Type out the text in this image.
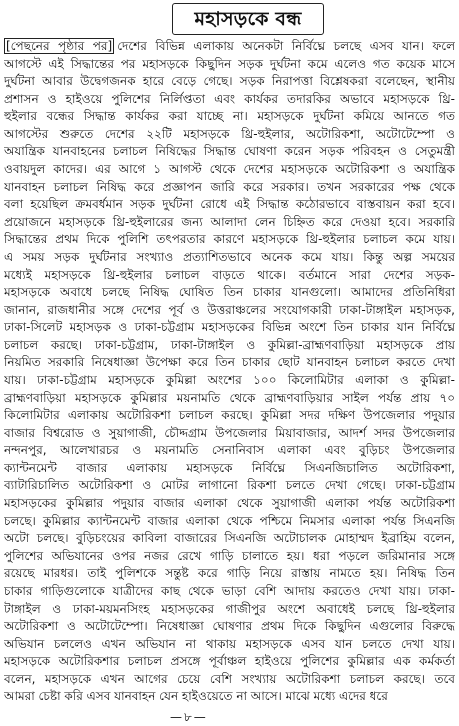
মহাসড়কে বন্ধ
[পেছনের পৃষ্ঠার পর] দেশের বিভিন্ন এলাকায় অনেকটা নির্বিঘ্নে চলছে এসব যান। ফলে
আগস্টে এই সিদ্ধান্তের পর মহাসড়কে কিছুদিন সড়ক দুর্ঘটনা কমে এলেও গত কয়েক মাসে
দুর্ঘটনা আবার উদ্বেগজনক হারে বেড়ে গেছে। সড়ক নিরাপত্তা বিশ্লেষকরা বলেছেন, স্থানীয়
প্রশাসন ও হাইওয়ে পুলিশের নির্লিপ্ততা এবং কার্যকর তদারকির অভাবে মহাসড়কে থ্রি-
হুইলার বন্ধের সিদ্ধান্ত কার্যকর করা যাচ্ছে না। মহাসড়কে দুর্ঘটনা কমিয়ে আনতে গত
আগস্টের শুরুতে দেশের ২২টি মহাসড়কে থ্রি-হুইলার, অটোরিকশা, অটোটেম্পো ও
অযান্ত্রিক যানবাহনের চলাচল নিষিদ্ধের সিদ্ধান্ত ঘোষণা করেন সড়ক পরিবহন ও সেতুমন্ত্রী
ওবায়দুল কাদের। এর আগে ১ আগস্ট থেকে দেশের মহাসড়কে অটোরিকশা ও অযান্ত্রিক
যানবাহন চলাচল নিষিদ্ধ করে প্রজ্ঞাপন জারি করে সরকার। তখন সরকারের পক্ষ থেকে
বলা হয়েছিল ক্রমবর্ধমান সড়ক দুর্ঘটনা রোধে এই সিদ্ধান্ত কঠোরভাবে বাস্তবায়ন করা হবে।
প্রয়োজনে মহাসড়কে থ্রি-হুইলারের জন্য আলাদা লেন চিহ্নিত করে দেওয়া হবে। সরকারি
সিদ্ধান্তের প্রথম দিকে পুলিশি তৎপরতার কারণে মহাসড়কে থ্রি-হুইলার চলাচল কমে যায়।
এ সময় সড়ক দুর্ঘটনার সংখ্যাও প্রত্যাশিতভাবে অনেক কমে যায়। কিন্তু অল্প সময়ের
মধ্যেই মহাসড়কে থ্রি-হুইলার চলাচল বাড়তে থাকে। বর্তমানে সারা দেশের সড়ক-
মহাসড়কে অবাধে চলছে নিষিদ্ধ ঘোষিত তিন চাকার যানগুলো। আমাদের প্রতিনিধিরা
জানান, রাজধানীর সঙ্গে দেশের পূর্ব ও উত্তরাঞ্চলের সংযোগকারী ঢাকা-টাঙ্গাইল মহাসড়ক,
ঢাকা-সিলেট মহাসড়ক ও ঢাকা-চট্টগ্রাম মহাসড়কের বিভিন্ন অংশে তিন চাকার যান নির্বিঘ্নে
চলাচল করছে। ঢাকা-চট্টগ্রাম, ঢাকা-টাঙ্গাইল ও কুমিল্লা-ব্রাহ্মণবাড়িয়া মহাসড়কে প্রায়
নিয়মিত সরকারি নিষেধাজ্ঞা উপেক্ষা করে তিন চাকার ছোট যানবাহন চলাচল করতে দেখা
যায়। ঢাকা-চট্টগ্রাম মহাসড়কে কুমিল্লা অংশের ১০০ কিলোমিটার এলাকা ও কুমিল্লা-
ব্রাহ্মণবাড়িয়া মহাসড়কে কুমিল্লার ময়নামতি থেকে ব্রাহ্মণবাড়িয়ার সাইল পর্যন্ত প্রায় ৭০
কিলোমিটার এলাকায় অটোরিকশা চলাচল করছে। কুমিল্লা সদর দক্ষিণ উপজেলার পদুয়ার
বাজার বিশ্বরোড ও সুয়াগাজী, চৌদ্দগ্রাম উপজেলার মিয়াবাজার, আদর্শ সদর উপজেলার
নন্দনপুর, আলেখারচর ও ময়নামতি সেনানিবাস এলাকা এবং বুড়িচং উপজেলার
ক্যান্টনমেন্ট বাজার এলাকায় মহাসড়কে নির্বিঘ্নে সিএনজিচালিত অটোরিকশা,
ব্যাটারিচালিত অটোরিকশা ও মোটর লাগানো রিকশা চলতে দেখা গেছে। ঢাকা-চট্টগ্রাম
মহাসড়কের কুমিল্লার পদুয়ার বাজার এলাকা থেকে সুয়াগাজী এলাকা পর্যন্ত অটোরিকশা
চলছে। কুমিল্লার ক্যান্টনমেন্ট বাজার এলাকা থেকে পশ্চিমে নিমসার এলাকা পর্যন্ত সিএনজি
অটো চলছে। বুড়িচংয়ের কাবিলা বাজারের সিএনজি অটোচালক মোহাম্মদ ইব্রাহিম বলেন,
পুলিশের অভিযানের ওপর নজর রেখে গাড়ি চালাতে হয়। ধরা পড়লে জরিমানার সঙ্গে
রয়েছে মারধর। তাই পুলিশকে সন্তুষ্ট করে গাড়ি নিয়ে রাস্তায় নামতে হয়। নিষিদ্ধ তিন
চাকার গাড়িগুলোকে যাত্রীদের কাছ থেকে ভাড়া বেশি আদায় করতেও দেখা যায়। ঢাকা-
টাঙ্গাইল ও ঢাকা-ময়মনসিংহ মহাসড়কের গাজীপুর অংশে অবাধেই চলছে থ্রি-হুইলার
অটোরিকশা ও অটোটেম্পো। নিষেধাজ্ঞা ঘোষণার প্রথম দিকে কিছুদিন এগুলোর বিরুদ্ধে
অভিযান চললেও এখন অভিযান না থাকায় মহাসড়কে এসব যান চলতে দেখা যায়।
মহাসড়কে অটোরিকশার চলাচল প্রসঙ্গে পূর্বাঞ্চল হাইওয়ে পুলিশের কুমিল্লার এক কর্মকর্তা
বলেন, মহাসড়কে এখন আগের চেয়ে বেশি সংখ্যায় অটোরিকশা চলাচল করছে। তবে
আমরা চেষ্টা করি এসব যানবাহন যেন হাইওয়েতে না আসে। মাঝে মধ্যে এদের ধরে
—৮—
